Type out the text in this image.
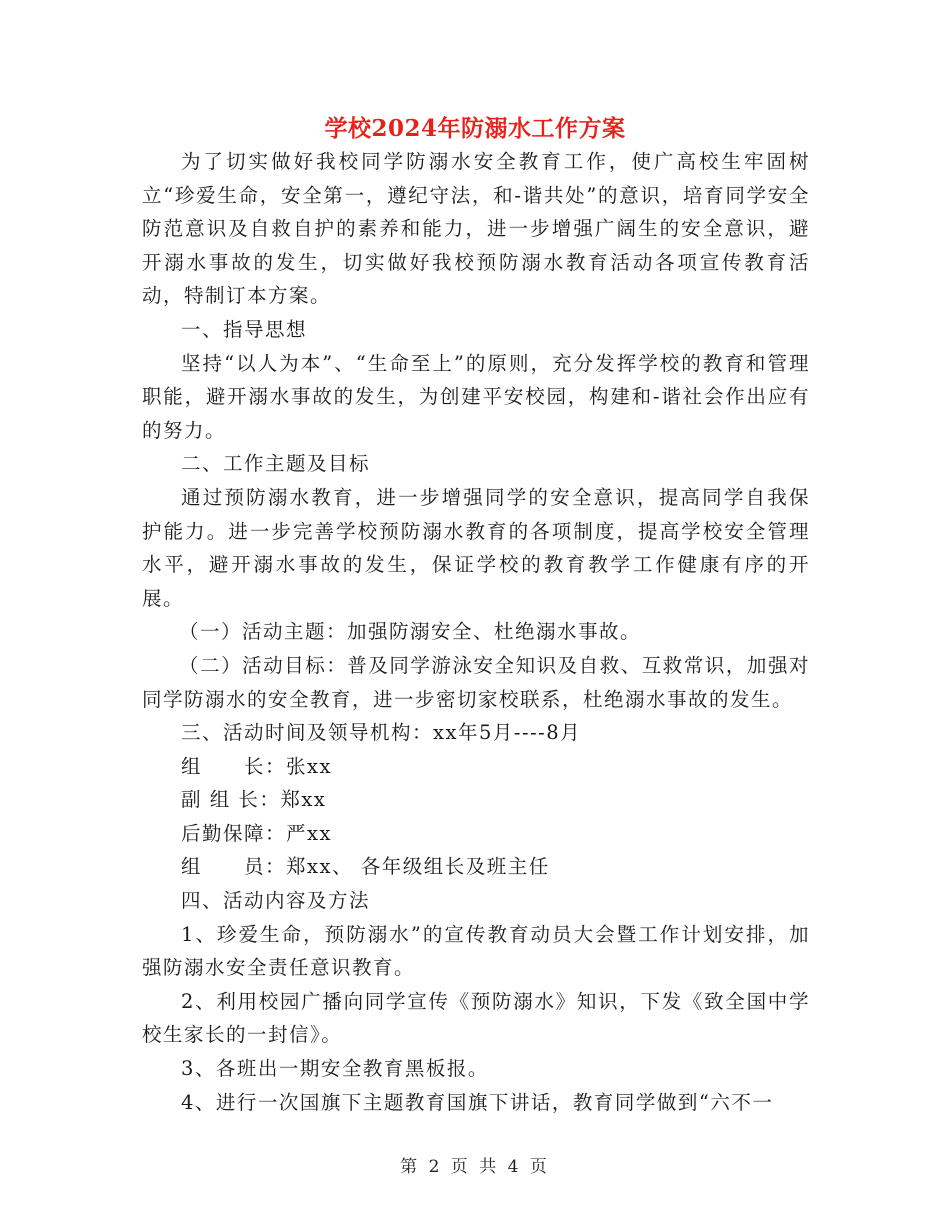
学校2024年防溺水工作方案

为了切实做好我校同学防溺水安全教育工作，使广高校生牢固树立“珍爱生命，安全第一，遵纪守法，和-谐共处”的意识，培育同学安全防范意识及自救自护的素养和能力，进一步增强广阔生的安全意识，避开溺水事故的发生，切实做好我校预防溺水教育活动各项宣传教育活动，特制订本方案。

一、指导思想

坚持“以人为本”、“生命至上”的原则，充分发挥学校的教育和管理职能，避开溺水事故的发生，为创建平安校园，构建和-谐社会作出应有的努力。

二、工作主题及目标

通过预防溺水教育，进一步增强同学的安全意识，提高同学自我保护能力。进一步完善学校预防溺水教育的各项制度，提高学校安全管理水平，避开溺水事故的发生，保证学校的教育教学工作健康有序的开展。

（一）活动主题：加强防溺安全、杜绝溺水事故。

（二）活动目标：普及同学游泳安全知识及自救、互救常识，加强对同学防溺水的安全教育，进一步密切家校联系，杜绝溺水事故的发生。

三、活动时间及领导机构：xx年5月----8月

组　　长：张xx

副 组 长：郑xx

后勤保障：严xx

组　　员：郑xx、 各年级组长及班主任

四、活动内容及方法

1、珍爱生命，预防溺水”的宣传教育动员大会暨工作计划安排，加强防溺水安全责任意识教育。

2、利用校园广播向同学宣传《预防溺水》知识，下发《致全国中学校生家长的一封信》。

3、各班出一期安全教育黑板报。

4、进行一次国旗下主题教育国旗下讲话，教育同学做到“六不一

第 2 页 共 4 页
